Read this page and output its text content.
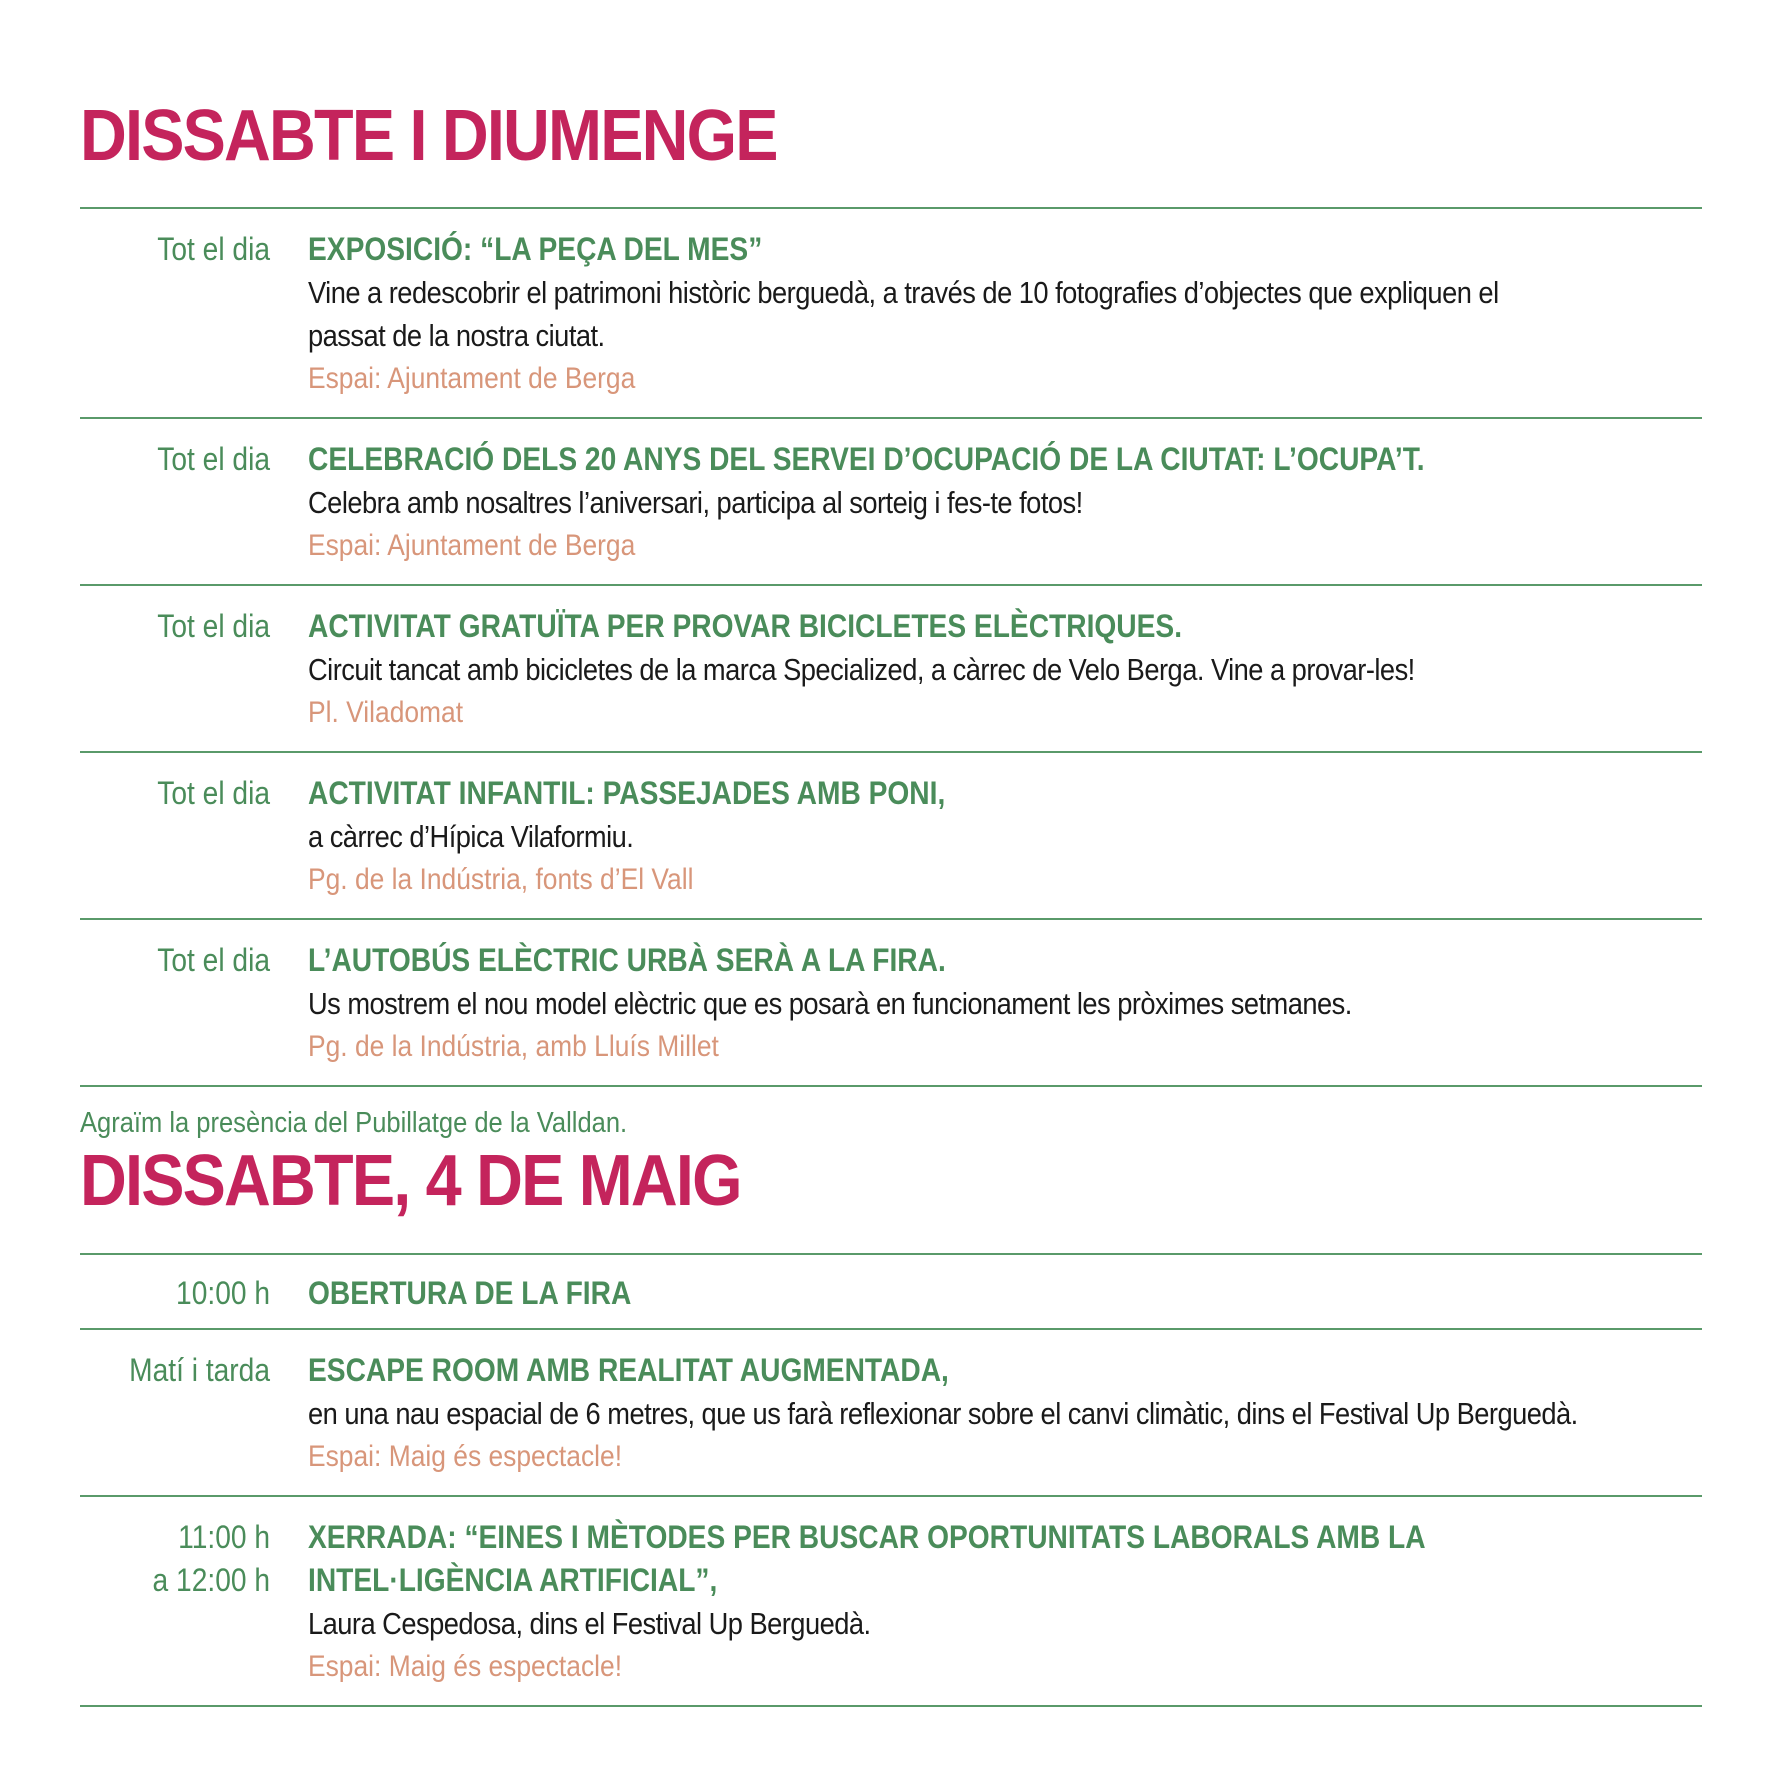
DISSABTE I DIUMENGE
Tot el dia EXPOSICIÓ: “LA PEÇA DEL MES”
Vine a redescobrir el patrimoni històric berguedà, a través de 10 fotografies d’objectes que expliquen el
passat de la nostra ciutat.
Espai: Ajuntament de Berga
Tot el dia CELEBRACIÓ DELS 20 ANYS DEL SERVEI D’OCUPACIÓ DE LA CIUTAT: L’OCUPA’T.
Celebra amb nosaltres l’aniversari, participa al sorteig i fes-te fotos!
Espai: Ajuntament de Berga
Tot el dia ACTIVITAT GRATUÏTA PER PROVAR BICICLETES ELÈCTRIQUES.
Circuit tancat amb bicicletes de la marca Specialized, a càrrec de Velo Berga. Vine a provar-les!
Pl. Viladomat
Tot el dia ACTIVITAT INFANTIL: PASSEJADES AMB PONI,
a càrrec d’Hípica Vilaformiu.
Pg. de la Indústria, fonts d’El Vall
Tot el dia L’AUTOBÚS ELÈCTRIC URBÀ SERÀ A LA FIRA.
Us mostrem el nou model elèctric que es posarà en funcionament les pròximes setmanes.
Pg. de la Indústria, amb Lluís Millet
Agraïm la presència del Pubillatge de la Valldan.
DISSABTE, 4 DE MAIG
10:00 h OBERTURA DE LA FIRA
Matí i tarda ESCAPE ROOM AMB REALITAT AUGMENTADA,
en una nau espacial de 6 metres, que us farà reflexionar sobre el canvi climàtic, dins el Festival Up Berguedà.
Espai: Maig és espectacle!
11:00 h
a 12:00 h
XERRADA: “EINES I MÈTODES PER BUSCAR OPORTUNITATS LABORALS AMB LA
INTEL·LIGÈNCIA ARTIFICIAL”,
Laura Cespedosa, dins el Festival Up Berguedà.
Espai: Maig és espectacle!
